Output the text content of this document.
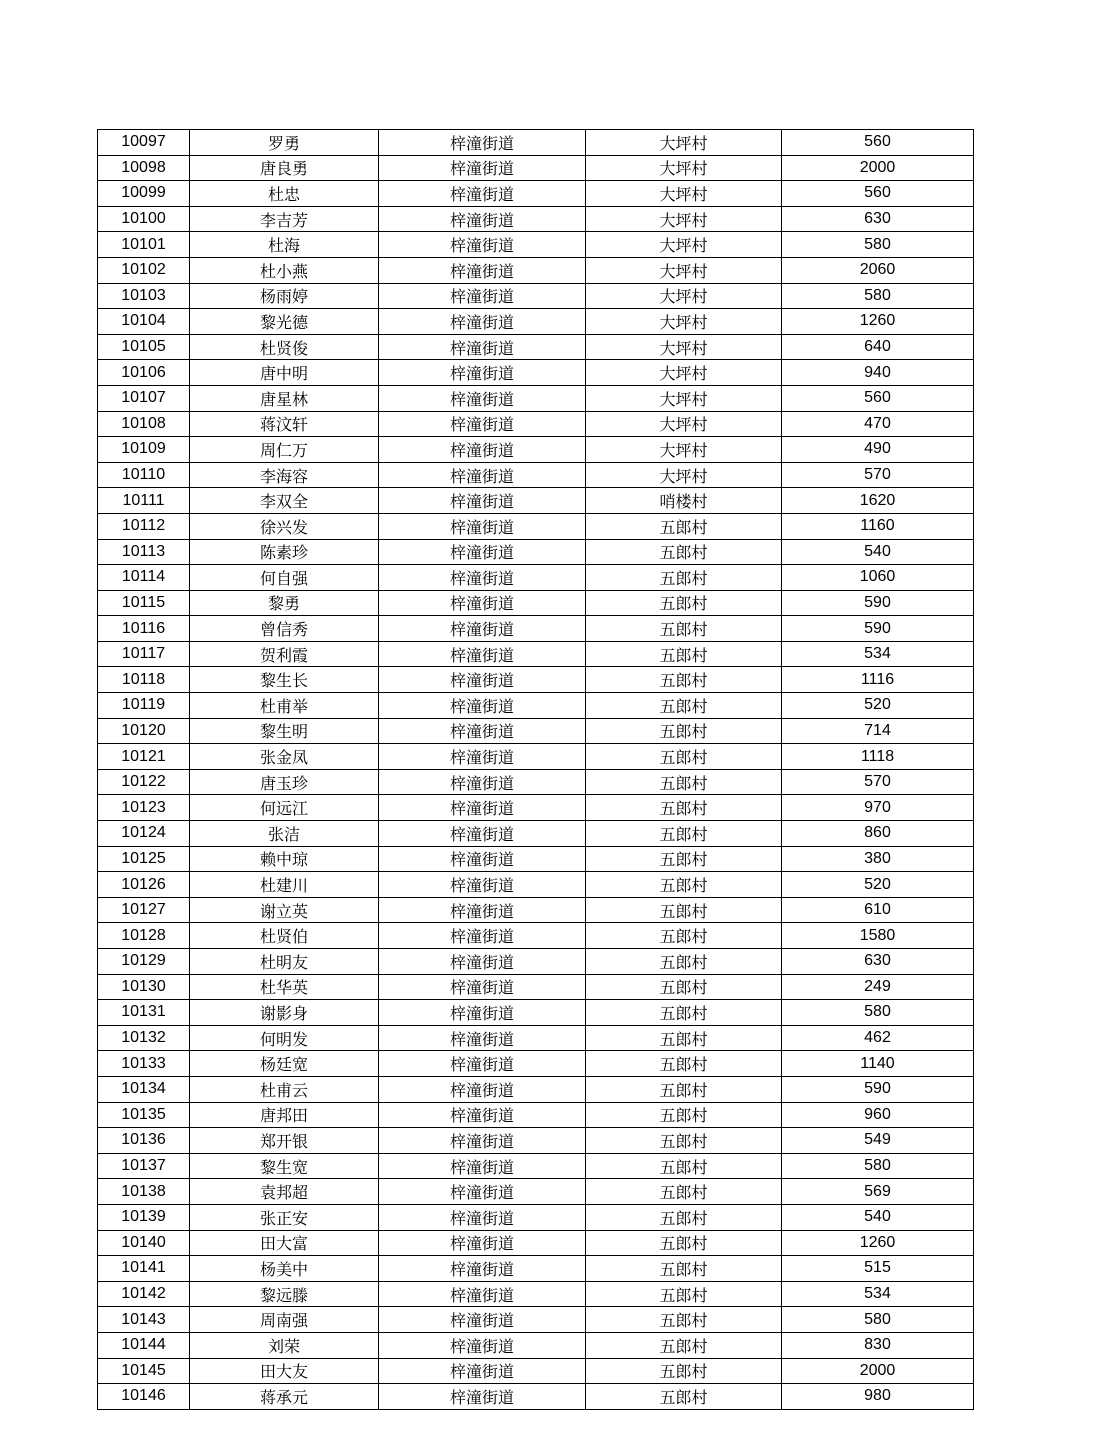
10097	罗勇	梓潼街道	大坪村	560
10098	唐良勇	梓潼街道	大坪村	2000
10099	杜忠	梓潼街道	大坪村	560
10100	李吉芳	梓潼街道	大坪村	630
10101	杜海	梓潼街道	大坪村	580
10102	杜小燕	梓潼街道	大坪村	2060
10103	杨雨婷	梓潼街道	大坪村	580
10104	黎光德	梓潼街道	大坪村	1260
10105	杜贤俊	梓潼街道	大坪村	640
10106	唐中明	梓潼街道	大坪村	940
10107	唐星林	梓潼街道	大坪村	560
10108	蒋汶轩	梓潼街道	大坪村	470
10109	周仁万	梓潼街道	大坪村	490
10110	李海容	梓潼街道	大坪村	570
10111	李双全	梓潼街道	哨楼村	1620
10112	徐兴发	梓潼街道	五郎村	1160
10113	陈素珍	梓潼街道	五郎村	540
10114	何自强	梓潼街道	五郎村	1060
10115	黎勇	梓潼街道	五郎村	590
10116	曾信秀	梓潼街道	五郎村	590
10117	贺利霞	梓潼街道	五郎村	534
10118	黎生长	梓潼街道	五郎村	1116
10119	杜甫举	梓潼街道	五郎村	520
10120	黎生明	梓潼街道	五郎村	714
10121	张金凤	梓潼街道	五郎村	1118
10122	唐玉珍	梓潼街道	五郎村	570
10123	何远江	梓潼街道	五郎村	970
10124	张洁	梓潼街道	五郎村	860
10125	赖中琼	梓潼街道	五郎村	380
10126	杜建川	梓潼街道	五郎村	520
10127	谢立英	梓潼街道	五郎村	610
10128	杜贤伯	梓潼街道	五郎村	1580
10129	杜明友	梓潼街道	五郎村	630
10130	杜华英	梓潼街道	五郎村	249
10131	谢影身	梓潼街道	五郎村	580
10132	何明发	梓潼街道	五郎村	462
10133	杨廷宽	梓潼街道	五郎村	1140
10134	杜甫云	梓潼街道	五郎村	590
10135	唐邦田	梓潼街道	五郎村	960
10136	郑开银	梓潼街道	五郎村	549
10137	黎生宽	梓潼街道	五郎村	580
10138	袁邦超	梓潼街道	五郎村	569
10139	张正安	梓潼街道	五郎村	540
10140	田大富	梓潼街道	五郎村	1260
10141	杨美中	梓潼街道	五郎村	515
10142	黎远滕	梓潼街道	五郎村	534
10143	周南强	梓潼街道	五郎村	580
10144	刘荣	梓潼街道	五郎村	830
10145	田大友	梓潼街道	五郎村	2000
10146	蒋承元	梓潼街道	五郎村	980
